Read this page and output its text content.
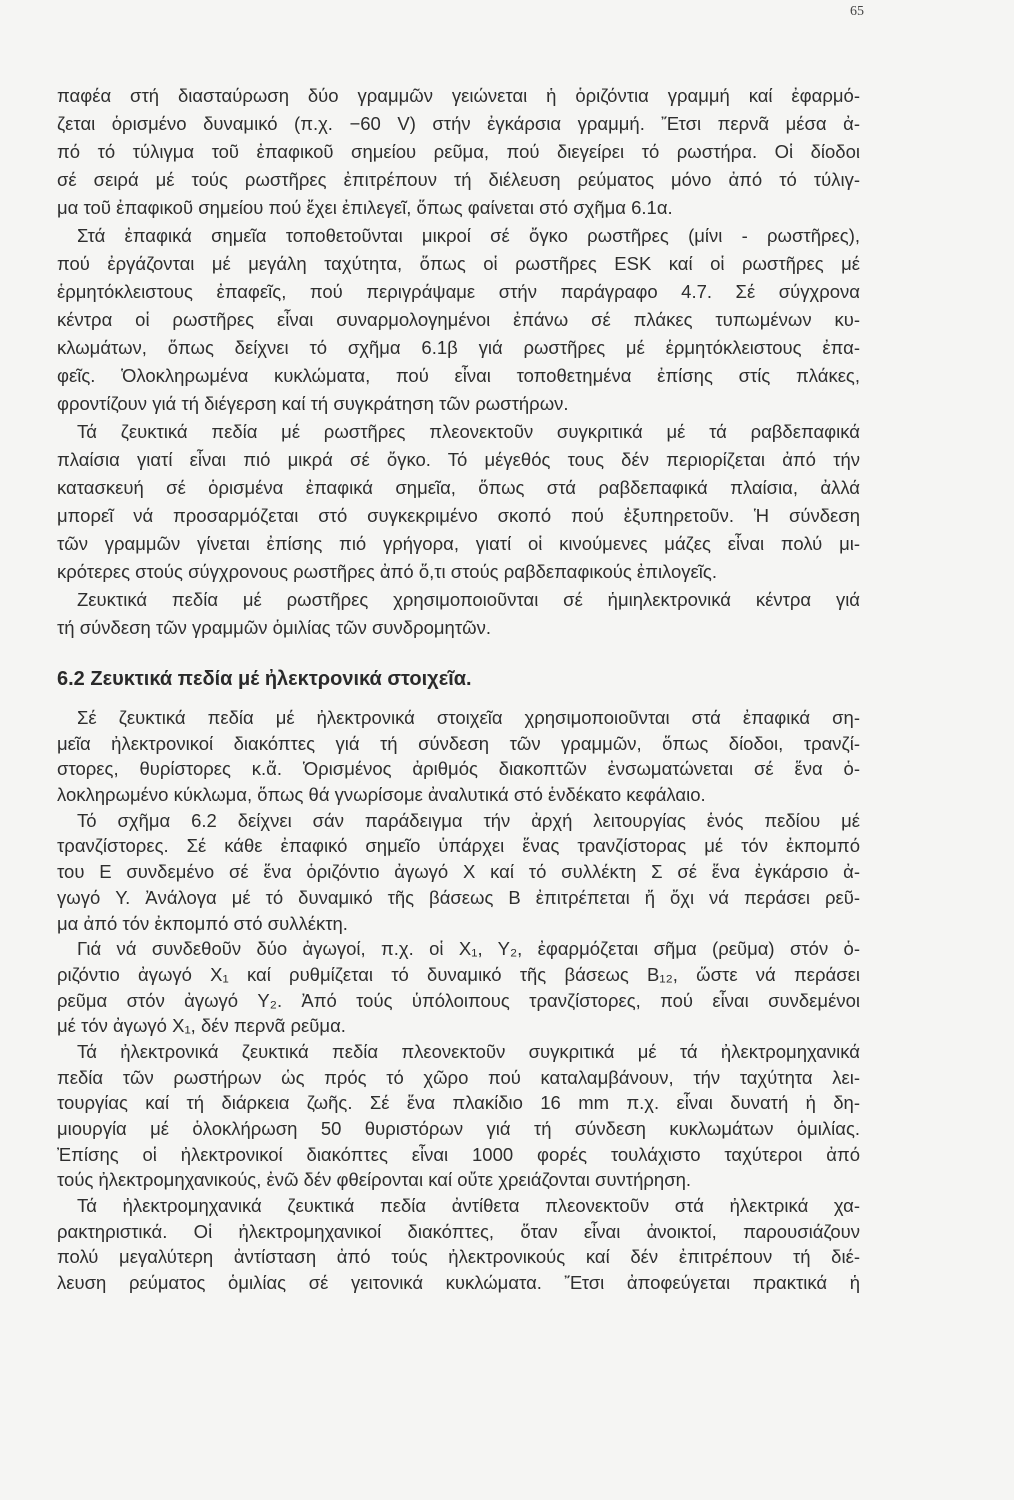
65
παφέα στή διασταύρωση δύο γραμμῶν γειώνεται ἡ ὁριζόντια γραμμή καί ἐφαρμό-
ζεται ὁρισμένο δυναμικό (π.χ. −60 V) στήν ἐγκάρσια γραμμή. Ἔτσι περνᾶ μέσα ἀ-
πό τό τύλιγμα τοῦ ἐπαφικοῦ σημείου ρεῦμα, πού διεγείρει τό ρωστήρα. Οἱ δίοδοι
σέ σειρά μέ τούς ρωστῆρες ἐπιτρέπουν τή διέλευση ρεύματος μόνο ἀπό τό τύλιγ-
μα τοῦ ἐπαφικοῦ σημείου πού ἔχει ἐπιλεγεῖ, ὅπως φαίνεται στό σχῆμα 6.1α.
Στά ἐπαφικά σημεῖα τοποθετοῦνται μικροί σέ ὄγκο ρωστῆρες (μίνι - ρωστῆρες),
πού ἐργάζονται μέ μεγάλη ταχύτητα, ὅπως οἱ ρωστῆρες ESK καί οἱ ρωστῆρες μέ
ἑρμητόκλειστους ἐπαφεῖς, πού περιγράψαμε στήν παράγραφο 4.7. Σέ σύγχρονα
κέντρα οἱ ρωστῆρες εἶναι συναρμολογημένοι ἐπάνω σέ πλάκες τυπωμένων κυ-
κλωμάτων, ὅπως δείχνει τό σχῆμα 6.1β γιά ρωστῆρες μέ ἑρμητόκλειστους ἐπα-
φεῖς. Ὁλοκληρωμένα κυκλώματα, πού εἶναι τοποθετημένα ἐπίσης στίς πλάκες,
φροντίζουν γιά τή διέγερση καί τή συγκράτηση τῶν ρωστήρων.
Τά ζευκτικά πεδία μέ ρωστῆρες πλεονεκτοῦν συγκριτικά μέ τά ραβδεπαφικά
πλαίσια γιατί εἶναι πιό μικρά σέ ὄγκο. Τό μέγεθός τους δέν περιορίζεται ἀπό τήν
κατασκευή σέ ὁρισμένα ἐπαφικά σημεῖα, ὅπως στά ραβδεπαφικά πλαίσια, ἀλλά
μπορεῖ νά προσαρμόζεται στό συγκεκριμένο σκοπό πού ἐξυπηρετοῦν. Ἡ σύνδεση
τῶν γραμμῶν γίνεται ἐπίσης πιό γρήγορα, γιατί οἱ κινούμενες μάζες εἶναι πολύ μι-
κρότερες στούς σύγχρονους ρωστῆρες ἀπό ὅ,τι στούς ραβδεπαφικούς ἐπιλογεῖς.
Ζευκτικά πεδία μέ ρωστῆρες χρησιμοποιοῦνται σέ ἡμιηλεκτρονικά κέντρα γιά
τή σύνδεση τῶν γραμμῶν ὁμιλίας τῶν συνδρομητῶν.
6.2 Ζευκτικά πεδία μέ ἠλεκτρονικά στοιχεῖα.
Σέ ζευκτικά πεδία μέ ἠλεκτρονικά στοιχεῖα χρησιμοποιοῦνται στά ἐπαφικά ση-
μεῖα ἠλεκτρονικοί διακόπτες γιά τή σύνδεση τῶν γραμμῶν, ὅπως δίοδοι, τρανζί-
στορες, θυρίστορες κ.ἄ. Ὁρισμένος ἀριθμός διακοπτῶν ἐνσωματώνεται σέ ἕνα ὁ-
λοκληρωμένο κύκλωμα, ὅπως θά γνωρίσομε ἀναλυτικά στό ἑνδέκατο κεφάλαιο.
Τό σχῆμα 6.2 δείχνει σάν παράδειγμα τήν ἀρχή λειτουργίας ἑνός πεδίου μέ
τρανζίστορες. Σέ κάθε ἐπαφικό σημεῖο ὑπάρχει ἕνας τρανζίστορας μέ τόν ἐκπομπό
του Ε συνδεμένο σέ ἕνα ὁριζόντιο ἀγωγό X καί τό συλλέκτη Σ σέ ἕνα ἐγκάρσιο ἀ-
γωγό Y. Ἀνάλογα μέ τό δυναμικό τῆς βάσεως Β ἐπιτρέπεται ἤ ὄχι νά περάσει ρεῦ-
μα ἀπό τόν ἐκπομπό στό συλλέκτη.
Γιά νά συνδεθοῦν δύο ἀγωγοί, π.χ. οἱ X₁, Y₂, ἐφαρμόζεται σῆμα (ρεῦμα) στόν ὁ-
ριζόντιο ἀγωγό X₁ καί ρυθμίζεται τό δυναμικό τῆς βάσεως B₁₂, ὥστε νά περάσει
ρεῦμα στόν ἀγωγό Y₂. Ἀπό τούς ὑπόλοιπους τρανζίστορες, πού εἶναι συνδεμένοι
μέ τόν ἀγωγό X₁, δέν περνᾶ ρεῦμα.
Τά ἠλεκτρονικά ζευκτικά πεδία πλεονεκτοῦν συγκριτικά μέ τά ἠλεκτρομηχανικά
πεδία τῶν ρωστήρων ὡς πρός τό χῶρο πού καταλαμβάνουν, τήν ταχύτητα λει-
τουργίας καί τή διάρκεια ζωῆς. Σέ ἕνα πλακίδιο 16 mm π.χ. εἶναι δυνατή ἡ δη-
μιουργία μέ ὁλοκλήρωση 50 θυριστόρων γιά τή σύνδεση κυκλωμάτων ὁμιλίας.
Ἐπίσης οἱ ἠλεκτρονικοί διακόπτες εἶναι 1000 φορές τουλάχιστο ταχύτεροι ἀπό
τούς ἠλεκτρομηχανικούς, ἐνῶ δέν φθείρονται καί οὔτε χρειάζονται συντήρηση.
Τά ἠλεκτρομηχανικά ζευκτικά πεδία ἀντίθετα πλεονεκτοῦν στά ἠλεκτρικά χα-
ρακτηριστικά. Οἱ ἠλεκτρομηχανικοί διακόπτες, ὅταν εἶναι ἀνοικτοί, παρουσιάζουν
πολύ μεγαλύτερη ἀντίσταση ἀπό τούς ἠλεκτρονικούς καί δέν ἐπιτρέπουν τή διέ-
λευση ρεύματος ὁμιλίας σέ γειτονικά κυκλώματα. Ἔτσι ἀποφεύγεται πρακτικά ἡ
